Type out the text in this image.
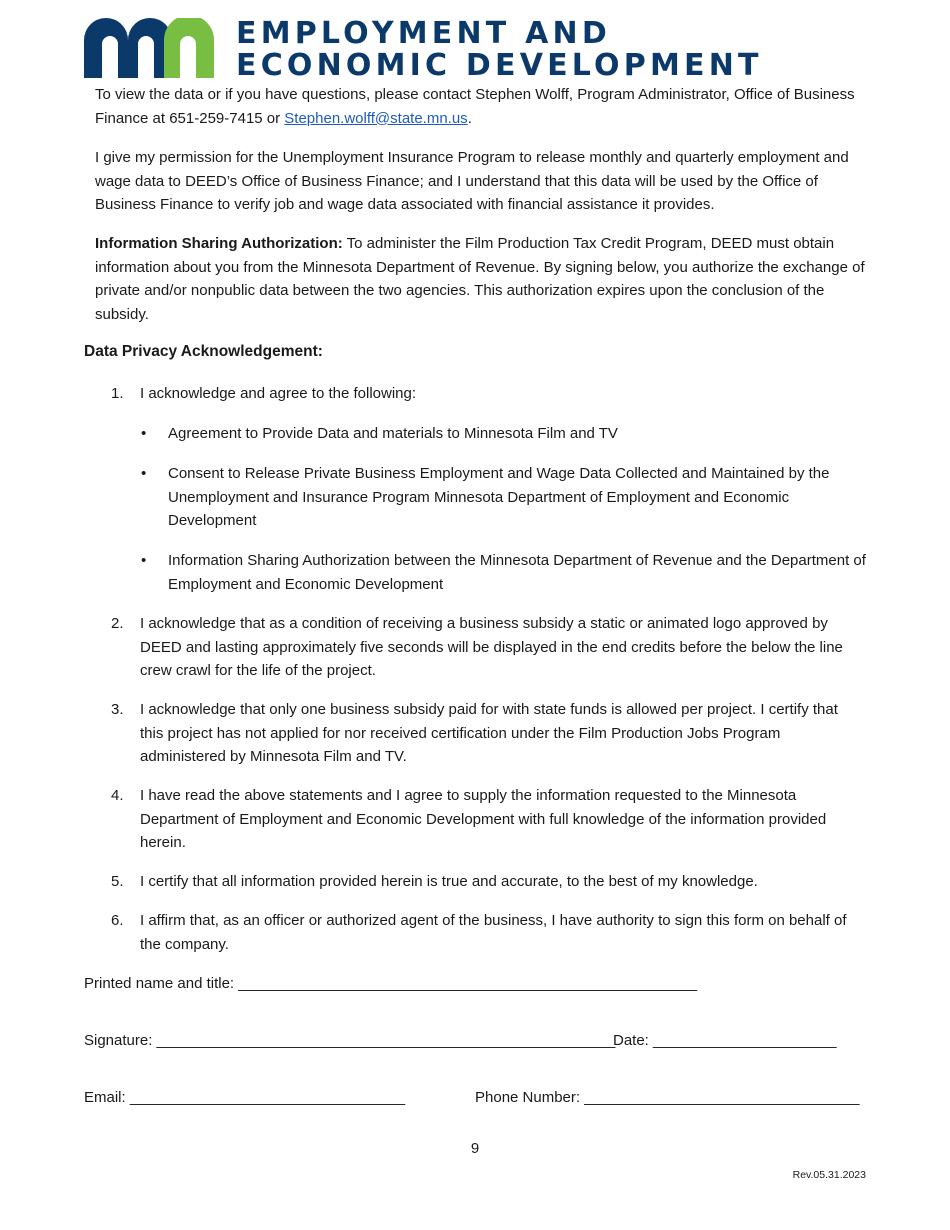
EMPLOYMENT AND
ECONOMIC DEVELOPMENT

To view the data or if you have questions, please contact Stephen Wolff, Program Administrator, Office of Business Finance at 651-259-7415 or Stephen.wolff@state.mn.us.

I give my permission for the Unemployment Insurance Program to release monthly and quarterly employment and wage data to DEED’s Office of Business Finance; and I understand that this data will be used by the Office of Business Finance to verify job and wage data associated with financial assistance it provides.

Information Sharing Authorization: To administer the Film Production Tax Credit Program, DEED must obtain information about you from the Minnesota Department of Revenue. By signing below, you authorize the exchange of private and/or nonpublic data between the two agencies. This authorization expires upon the conclusion of the subsidy.

Data Privacy Acknowledgement:
1. I acknowledge and agree to the following:

• Agreement to Provide Data and materials to Minnesota Film and TV

• Consent to Release Private Business Employment and Wage Data Collected and Maintained by the Unemployment and Insurance Program Minnesota Department of Employment and Economic Development

• Information Sharing Authorization between the Minnesota Department of Revenue and the Department of Employment and Economic Development

2. I acknowledge that as a condition of receiving a business subsidy a static or animated logo approved by DEED and lasting approximately five seconds will be displayed in the end credits before the below the line crew crawl for the life of the project.

3. I acknowledge that only one business subsidy paid for with state funds is allowed per project. I certify that this project has not applied for nor received certification under the Film Production Jobs Program administered by Minnesota Film and TV.

4. I have read the above statements and I agree to supply the information requested to the Minnesota Department of Employment and Economic Development with full knowledge of the information provided herein.

5. I certify that all information provided herein is true and accurate, to the best of my knowledge.

6. I affirm that, as an officer or authorized agent of the business, I have authority to sign this form on behalf of the company.

Printed name and title: _______________________________________________________
Signature: _______________________________________________________
Date: ______________________
Email: _________________________________	Phone Number: _________________________________
9
Rev.05.31.2023
